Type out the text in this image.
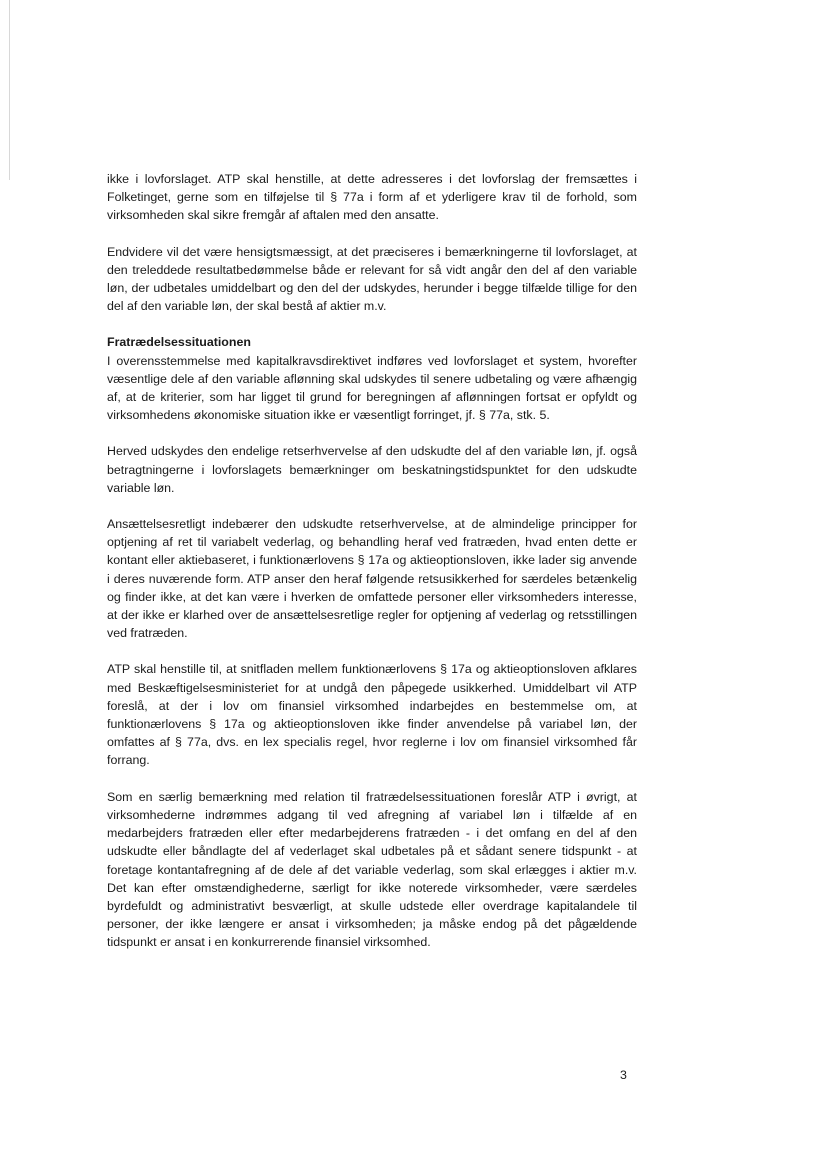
ikke i lovforslaget. ATP skal henstille, at dette adresseres i det lovforslag der fremsættes i Folketinget, gerne som en tilføjelse til § 77a i form af et yderligere krav til de forhold, som virksomheden skal sikre fremgår af aftalen med den ansatte.

Endvidere vil det være hensigtsmæssigt, at det præciseres i bemærkningerne til lovforslaget, at den treleddede resultatbedømmelse både er relevant for så vidt angår den del af den variable løn, der udbetales umiddelbart og den del der udskydes, herunder i begge tilfælde tillige for den del af den variable løn, der skal bestå af aktier m.v.

Fratrædelsessituationen

I overensstemmelse med kapitalkravsdirektivet indføres ved lovforslaget et system, hvorefter væsentlige dele af den variable aflønning skal udskydes til senere udbetaling og være afhængig af, at de kriterier, som har ligget til grund for beregningen af aflønningen fortsat er opfyldt og virksomhedens økonomiske situation ikke er væsentligt forringet, jf. § 77a, stk. 5.

Herved udskydes den endelige retserhvervelse af den udskudte del af den variable løn, jf. også betragtningerne i lovforslagets bemærkninger om beskatningstidspunktet for den udskudte variable løn.

Ansættelsesretligt indebærer den udskudte retserhvervelse, at de almindelige principper for optjening af ret til variabelt vederlag, og behandling heraf ved fratræden, hvad enten dette er kontant eller aktiebaseret, i funktionærlovens § 17a og aktieoptionsloven, ikke lader sig anvende i deres nuværende form. ATP anser den heraf følgende retsusikkerhed for særdeles betænkelig og finder ikke, at det kan være i hverken de omfattede personer eller virksomheders interesse, at der ikke er klarhed over de ansættelsesretlige regler for optjening af vederlag og retsstillingen ved fratræden.

ATP skal henstille til, at snitfladen mellem funktionærlovens § 17a og aktieoptionsloven afklares med Beskæftigelsesministeriet for at undgå den påpegede usikkerhed. Umiddelbart vil ATP foreslå, at der i lov om finansiel virksomhed indarbejdes en bestemmelse om, at funktionærlovens § 17a og aktieoptionsloven ikke finder anvendelse på variabel løn, der omfattes af § 77a, dvs. en lex specialis regel, hvor reglerne i lov om finansiel virksomhed får forrang.

Som en særlig bemærkning med relation til fratrædelsessituationen foreslår ATP i øvrigt, at virksomhederne indrømmes adgang til ved afregning af variabel løn i tilfælde af en medarbejders fratræden eller efter medarbejderens fratræden - i det omfang en del af den udskudte eller båndlagte del af vederlaget skal udbetales på et sådant senere tidspunkt - at foretage kontantafregning af de dele af det variable vederlag, som skal erlægges i aktier m.v. Det kan efter omstændighederne, særligt for ikke noterede virksomheder, være særdeles byrdefuldt og administrativt besværligt, at skulle udstede eller overdrage kapitalandele til personer, der ikke længere er ansat i virksomheden; ja måske endog på det pågældende tidspunkt er ansat i en konkurrerende finansiel virksomhed.

3
